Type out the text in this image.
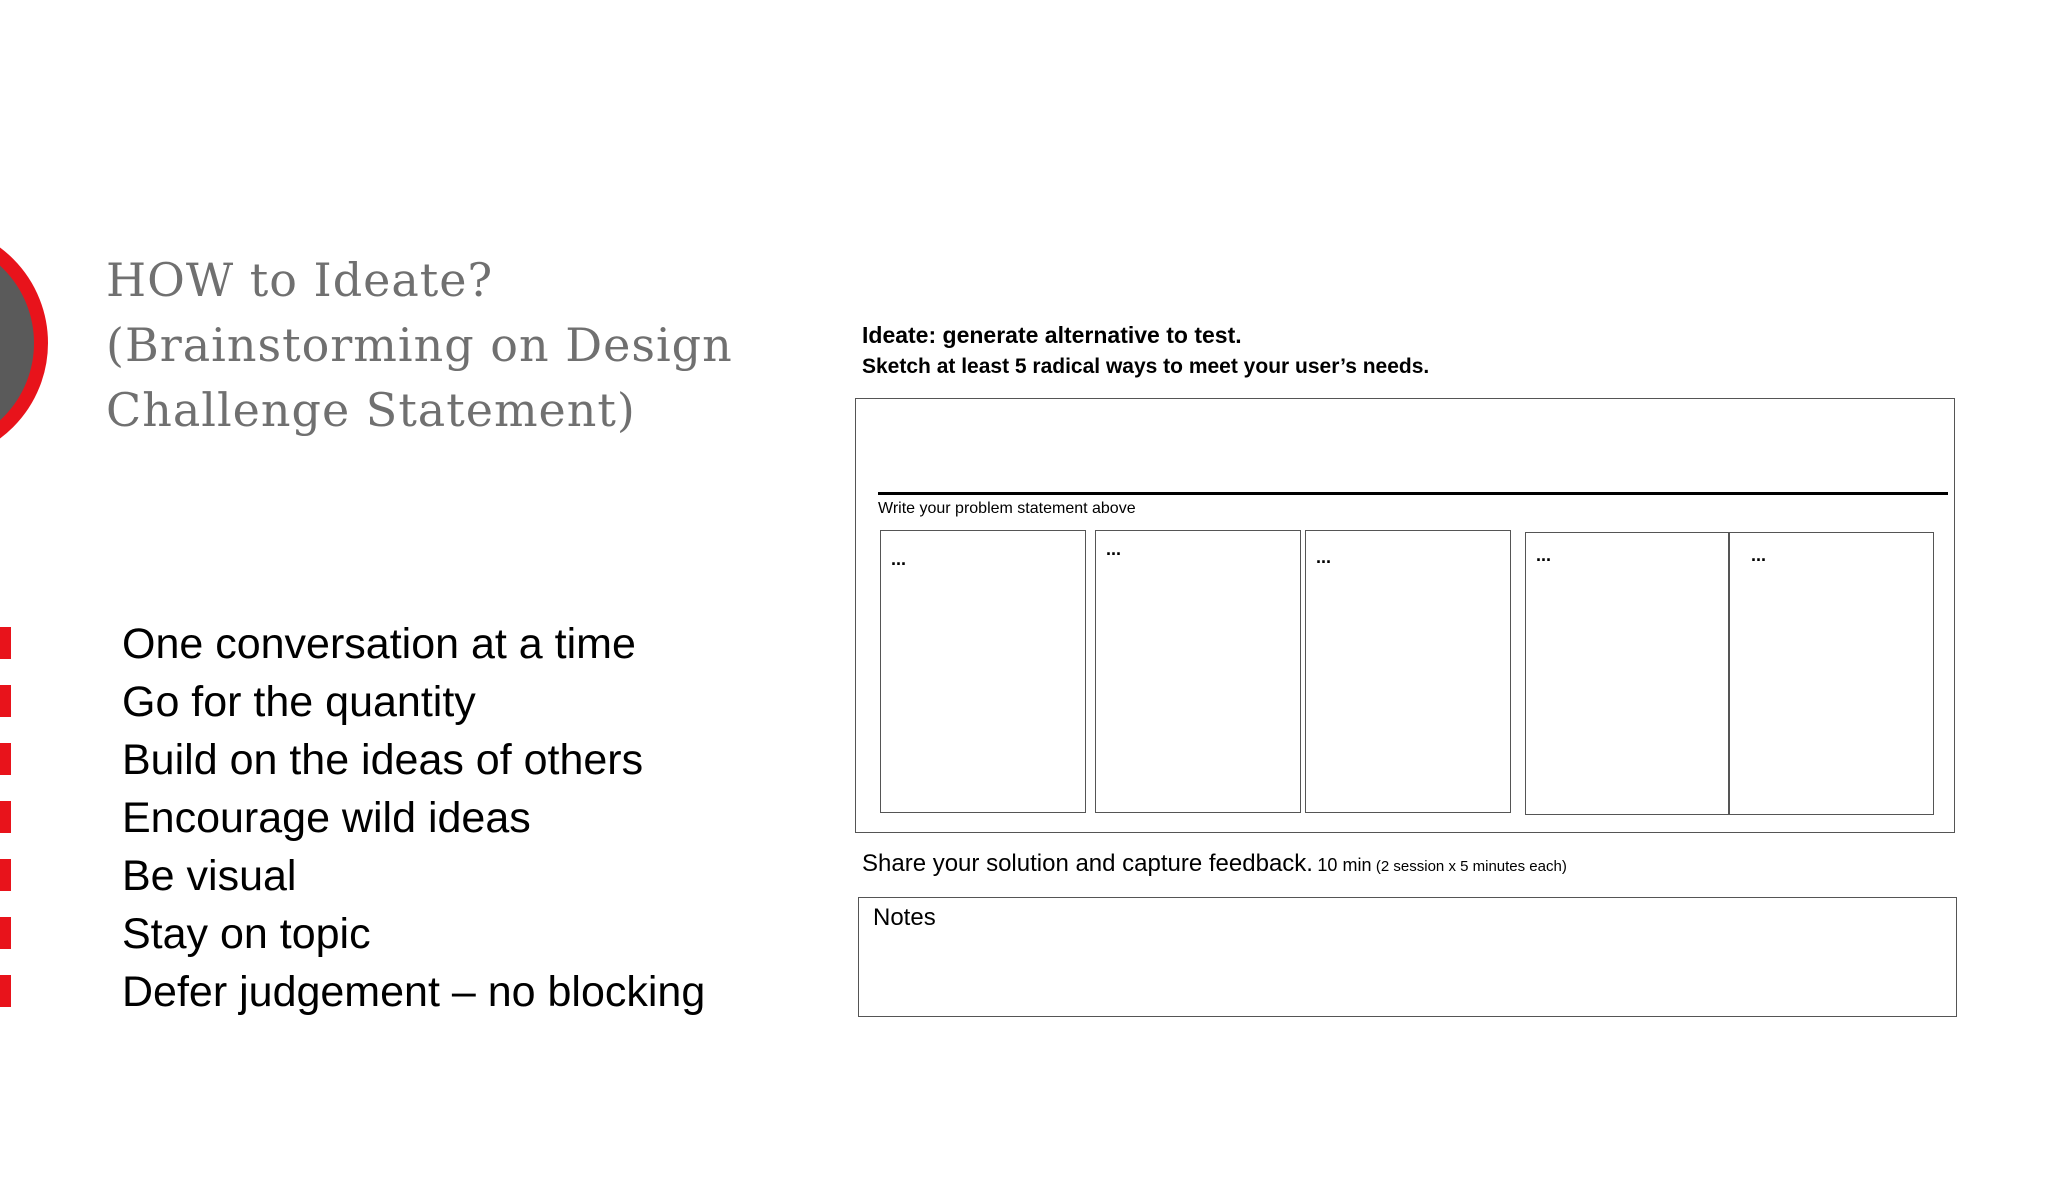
HOW to Ideate?
(Brainstorming on Design
Challenge Statement)
One conversation at a time
Go for the quantity
Build on the ideas of others
Encourage wild ideas
Be visual
Stay on topic
Defer judgement – no blocking
Ideate: generate alternative to test.
Sketch at least 5 radical ways to meet your user’s needs.
Write your problem statement above
...	...	...	...	...
Share your solution and capture feedback. 10 min (2 session x 5 minutes each)
Notes
